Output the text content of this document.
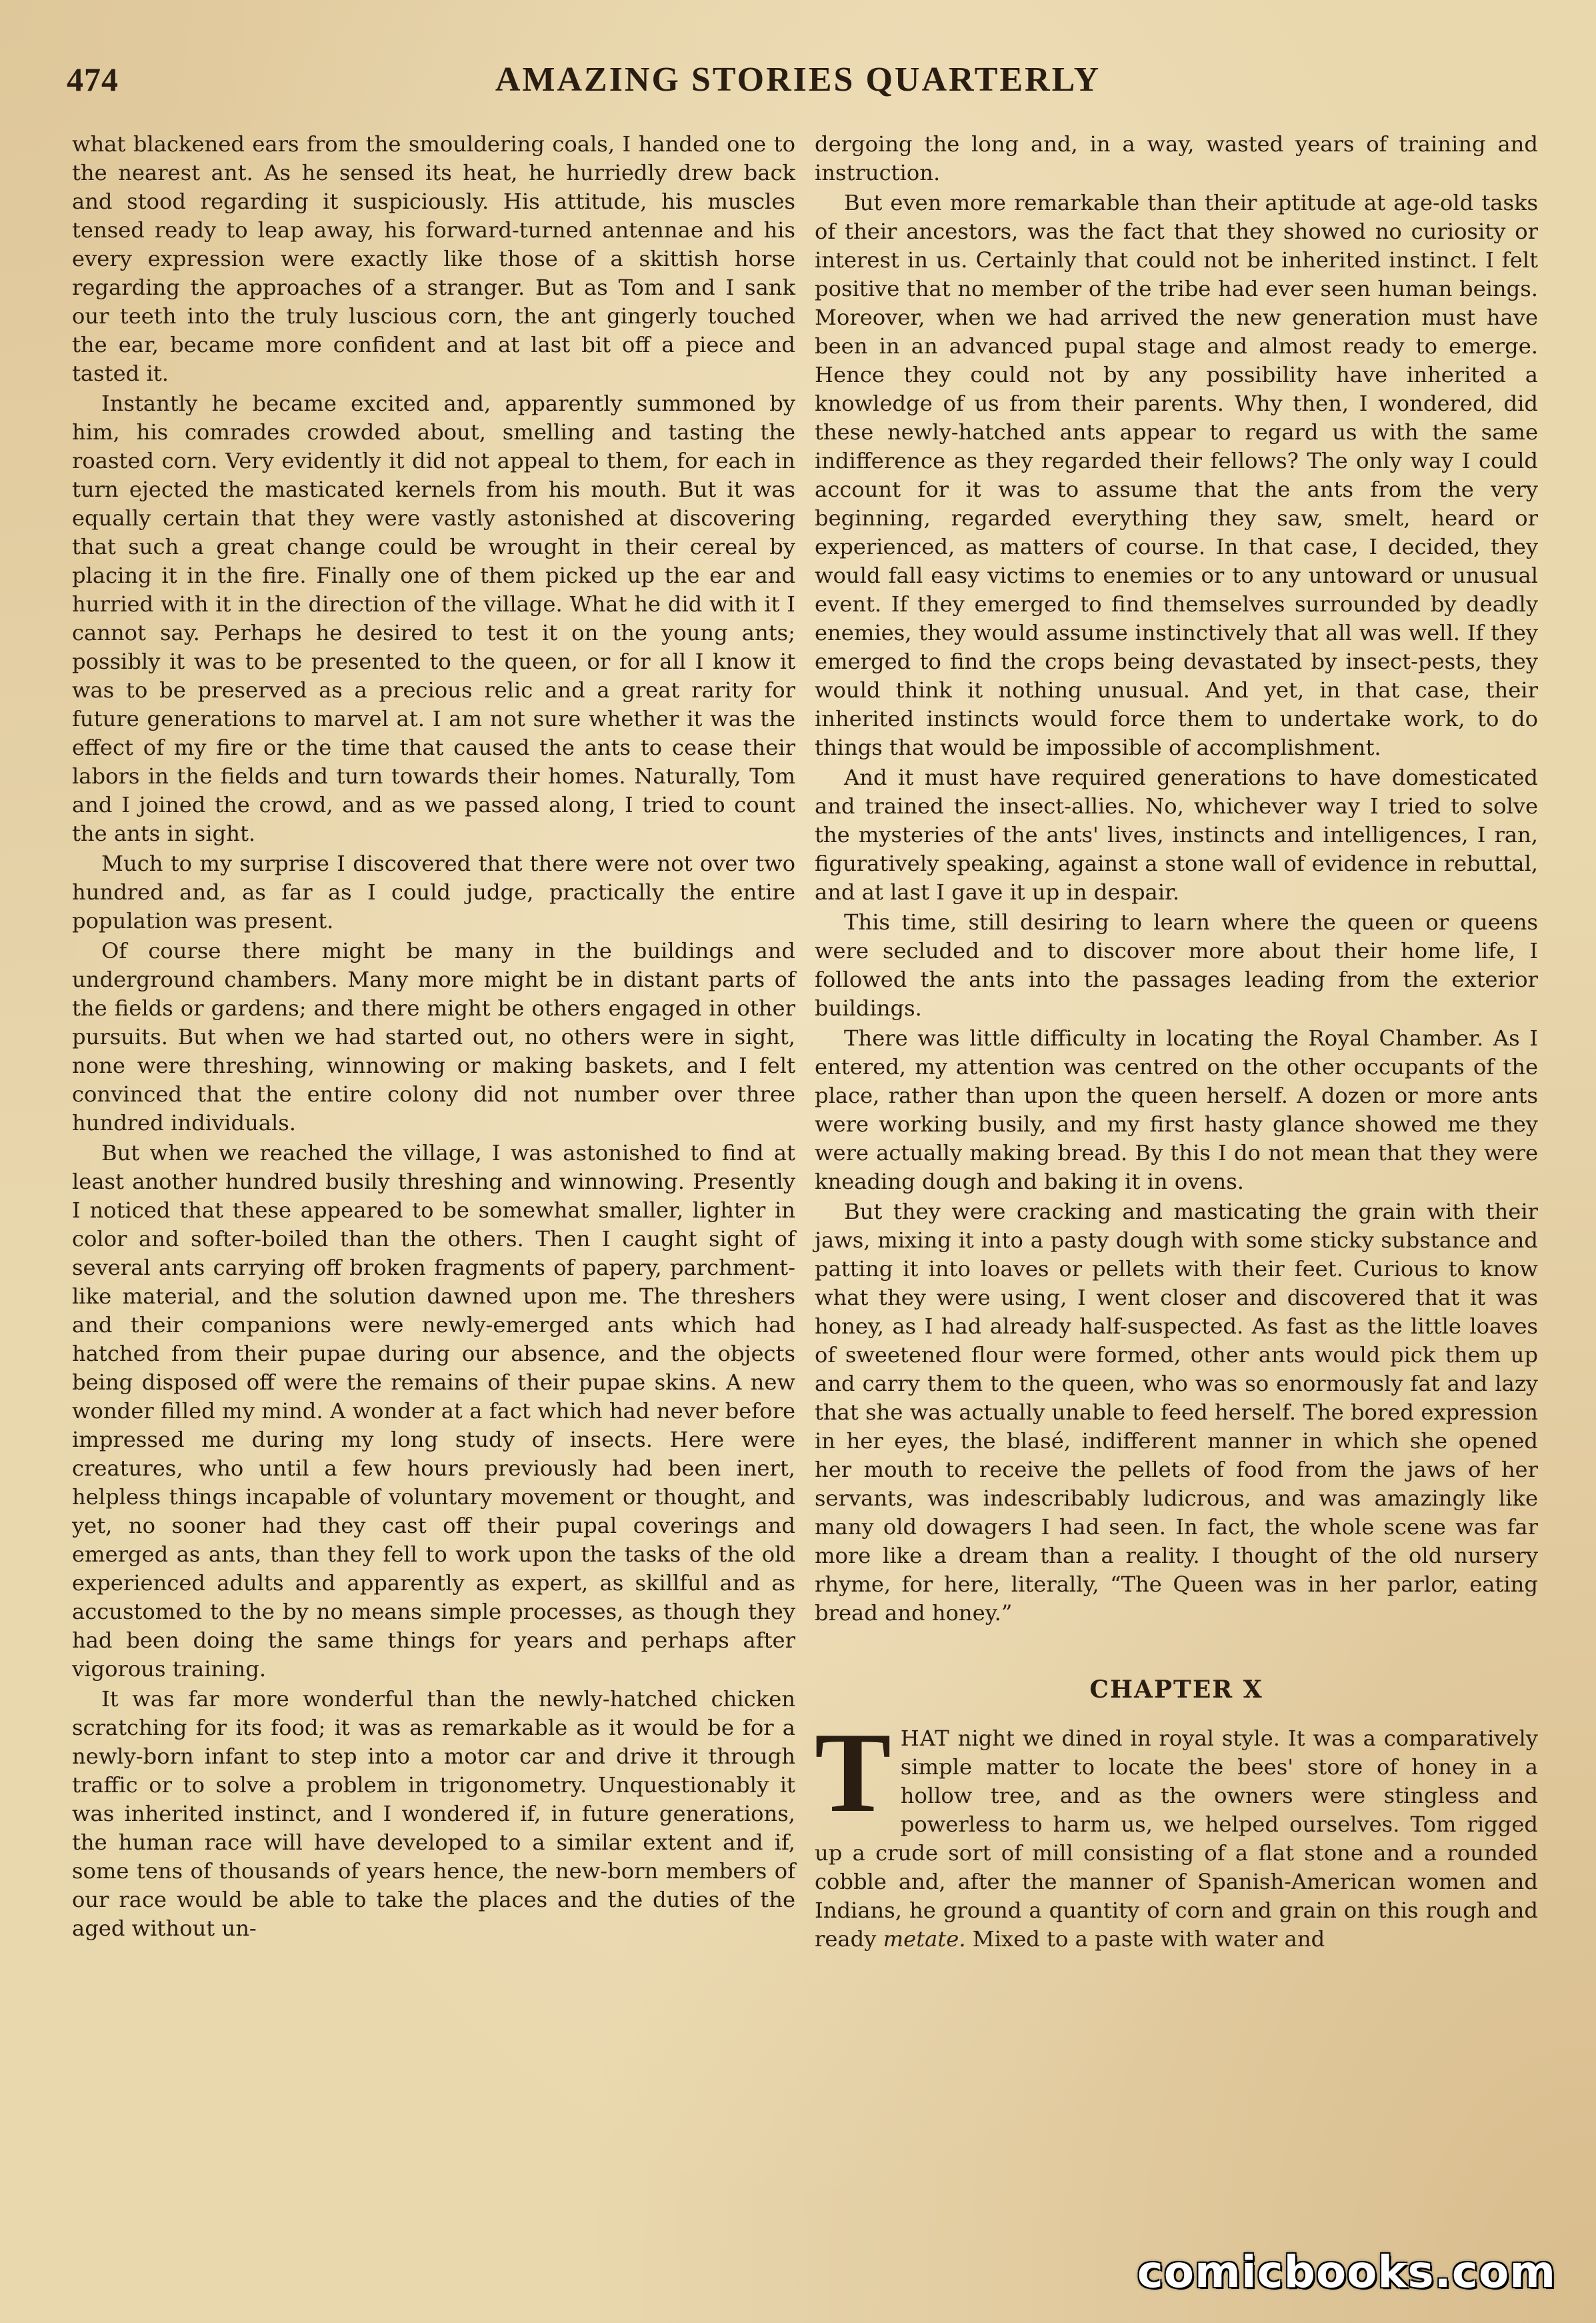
474	AMAZING STORIES QUARTERLY

what blackened ears from the smouldering coals, I handed one to the nearest ant. As he sensed its heat, he hurriedly drew back and stood regarding it suspiciously. His attitude, his muscles tensed ready to leap away, his forward-turned antennae and his every expression were exactly like those of a skittish horse regarding the approaches of a stranger. But as Tom and I sank our teeth into the truly luscious corn, the ant gingerly touched the ear, became more confident and at last bit off a piece and tasted it.

Instantly he became excited and, apparently summoned by him, his comrades crowded about, smelling and tasting the roasted corn. Very evidently it did not appeal to them, for each in turn ejected the masticated kernels from his mouth. But it was equally certain that they were vastly astonished at discovering that such a great change could be wrought in their cereal by placing it in the fire. Finally one of them picked up the ear and hurried with it in the direction of the village. What he did with it I cannot say. Perhaps he desired to test it on the young ants; possibly it was to be presented to the queen, or for all I know it was to be preserved as a precious relic and a great rarity for future generations to marvel at. I am not sure whether it was the effect of my fire or the time that caused the ants to cease their labors in the fields and turn towards their homes. Naturally, Tom and I joined the crowd, and as we passed along, I tried to count the ants in sight.

Much to my surprise I discovered that there were not over two hundred and, as far as I could judge, practically the entire population was present.

Of course there might be many in the buildings and underground chambers. Many more might be in distant parts of the fields or gardens; and there might be others engaged in other pursuits. But when we had started out, no others were in sight, none were threshing, winnowing or making baskets, and I felt convinced that the entire colony did not number over three hundred individuals.

But when we reached the village, I was astonished to find at least another hundred busily threshing and winnowing. Presently I noticed that these appeared to be somewhat smaller, lighter in color and softer-boiled than the others. Then I caught sight of several ants carrying off broken fragments of papery, parchment-like material, and the solution dawned upon me. The threshers and their companions were newly-emerged ants which had hatched from their pupae during our absence, and the objects being disposed off were the remains of their pupae skins. A new wonder filled my mind. A wonder at a fact which had never before impressed me during my long study of insects. Here were creatures, who until a few hours previously had been inert, helpless things incapable of voluntary movement or thought, and yet, no sooner had they cast off their pupal coverings and emerged as ants, than they fell to work upon the tasks of the old experienced adults and apparently as expert, as skillful and as accustomed to the by no means simple processes, as though they had been doing the same things for years and perhaps after vigorous training.

It was far more wonderful than the newly-hatched chicken scratching for its food; it was as remarkable as it would be for a newly-born infant to step into a motor car and drive it through traffic or to solve a problem in trigonometry. Unquestionably it was inherited instinct, and I wondered if, in future generations, the human race will have developed to a similar extent and if, some tens of thousands of years hence, the new-born members of our race would be able to take the places and the duties of the aged without un-

dergoing the long and, in a way, wasted years of training and instruction.

But even more remarkable than their aptitude at age-old tasks of their ancestors, was the fact that they showed no curiosity or interest in us. Certainly that could not be inherited instinct. I felt positive that no member of the tribe had ever seen human beings. Moreover, when we had arrived the new generation must have been in an advanced pupal stage and almost ready to emerge. Hence they could not by any possibility have inherited a knowledge of us from their parents. Why then, I wondered, did these newly-hatched ants appear to regard us with the same indifference as they regarded their fellows? The only way I could account for it was to assume that the ants from the very beginning, regarded everything they saw, smelt, heard or experienced, as matters of course. In that case, I decided, they would fall easy victims to enemies or to any untoward or unusual event. If they emerged to find themselves surrounded by deadly enemies, they would assume instinctively that all was well. If they emerged to find the crops being devastated by insect-pests, they would think it nothing unusual. And yet, in that case, their inherited instincts would force them to undertake work, to do things that would be impossible of accomplishment.

And it must have required generations to have domesticated and trained the insect-allies. No, whichever way I tried to solve the mysteries of the ants' lives, instincts and intelligences, I ran, figuratively speaking, against a stone wall of evidence in rebuttal, and at last I gave it up in despair.

This time, still desiring to learn where the queen or queens were secluded and to discover more about their home life, I followed the ants into the passages leading from the exterior buildings.

There was little difficulty in locating the Royal Chamber. As I entered, my attention was centred on the other occupants of the place, rather than upon the queen herself. A dozen or more ants were working busily, and my first hasty glance showed me they were actually making bread. By this I do not mean that they were kneading dough and baking it in ovens.

But they were cracking and masticating the grain with their jaws, mixing it into a pasty dough with some sticky substance and patting it into loaves or pellets with their feet. Curious to know what they were using, I went closer and discovered that it was honey, as I had already half-suspected. As fast as the little loaves of sweetened flour were formed, other ants would pick them up and carry them to the queen, who was so enormously fat and lazy that she was actually unable to feed herself. The bored expression in her eyes, the blasé, indifferent manner in which she opened her mouth to receive the pellets of food from the jaws of her servants, was indescribably ludicrous, and was amazingly like many old dowagers I had seen. In fact, the whole scene was far more like a dream than a reality. I thought of the old nursery rhyme, for here, literally, “The Queen was in her parlor, eating bread and honey.”

CHAPTER X

THAT night we dined in royal style. It was a comparatively simple matter to locate the bees' store of honey in a hollow tree, and as the owners were stingless and powerless to harm us, we helped ourselves. Tom rigged up a crude sort of mill consisting of a flat stone and a rounded cobble and, after the manner of Spanish-American women and Indians, he ground a quantity of corn and grain on this rough and ready metate. Mixed to a paste with water and

comicbooks.com
